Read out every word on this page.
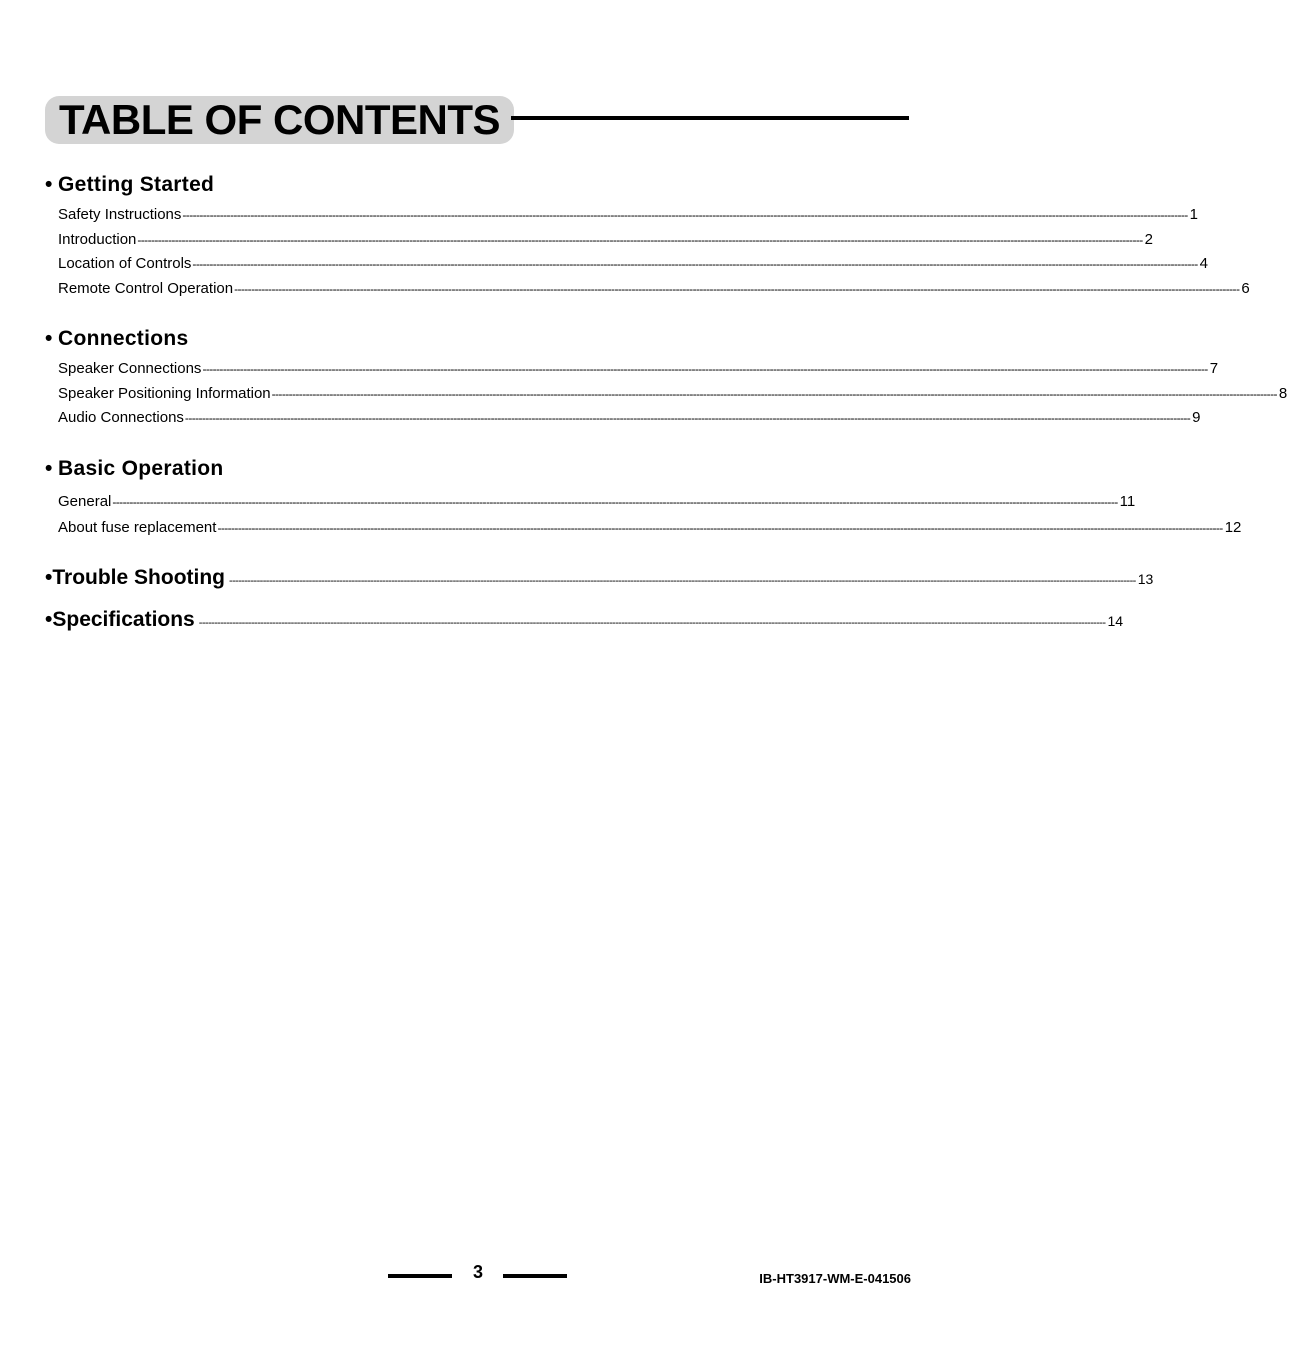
TABLE OF CONTENTS
• Getting Started
Safety Instructions -------------------------------------------------------------------------------------------------------------------------------------------------------------------------------------------------------------------------------------------------------------------------------------------------------- 1
Introduction -------------------------------------------------------------------------------------------------------------------------------------------------------------------------------------------------------------------------------------------------------------------------------------------------------- 2
Location of Controls -------------------------------------------------------------------------------------------------------------------------------------------------------------------------------------------------------------------------------------------------------------------------------------------------------- 4
Remote Control Operation -------------------------------------------------------------------------------------------------------------------------------------------------------------------------------------------------------------------------------------------------------------------------------------------------------- 6
• Connections
Speaker Connections -------------------------------------------------------------------------------------------------------------------------------------------------------------------------------------------------------------------------------------------------------------------------------------------------------- 7
Speaker Positioning Information -------------------------------------------------------------------------------------------------------------------------------------------------------------------------------------------------------------------------------------------------------------------------------------------------------- 8
Audio Connections -------------------------------------------------------------------------------------------------------------------------------------------------------------------------------------------------------------------------------------------------------------------------------------------------------- 9
• Basic Operation
General -------------------------------------------------------------------------------------------------------------------------------------------------------------------------------------------------------------------------------------------------------------------------------------------------------- 11
About fuse replacement -------------------------------------------------------------------------------------------------------------------------------------------------------------------------------------------------------------------------------------------------------------------------------------------------------- 12
• Trouble Shooting -------------------------------------------------------------------------------------------------------------------------------------------------------------------------------------------------------------------------------------------------------------------------------------------------------- 13
• Specifications -------------------------------------------------------------------------------------------------------------------------------------------------------------------------------------------------------------------------------------------------------------------------------------------------------- 14
3	IB-HT3917-WM-E-041506
